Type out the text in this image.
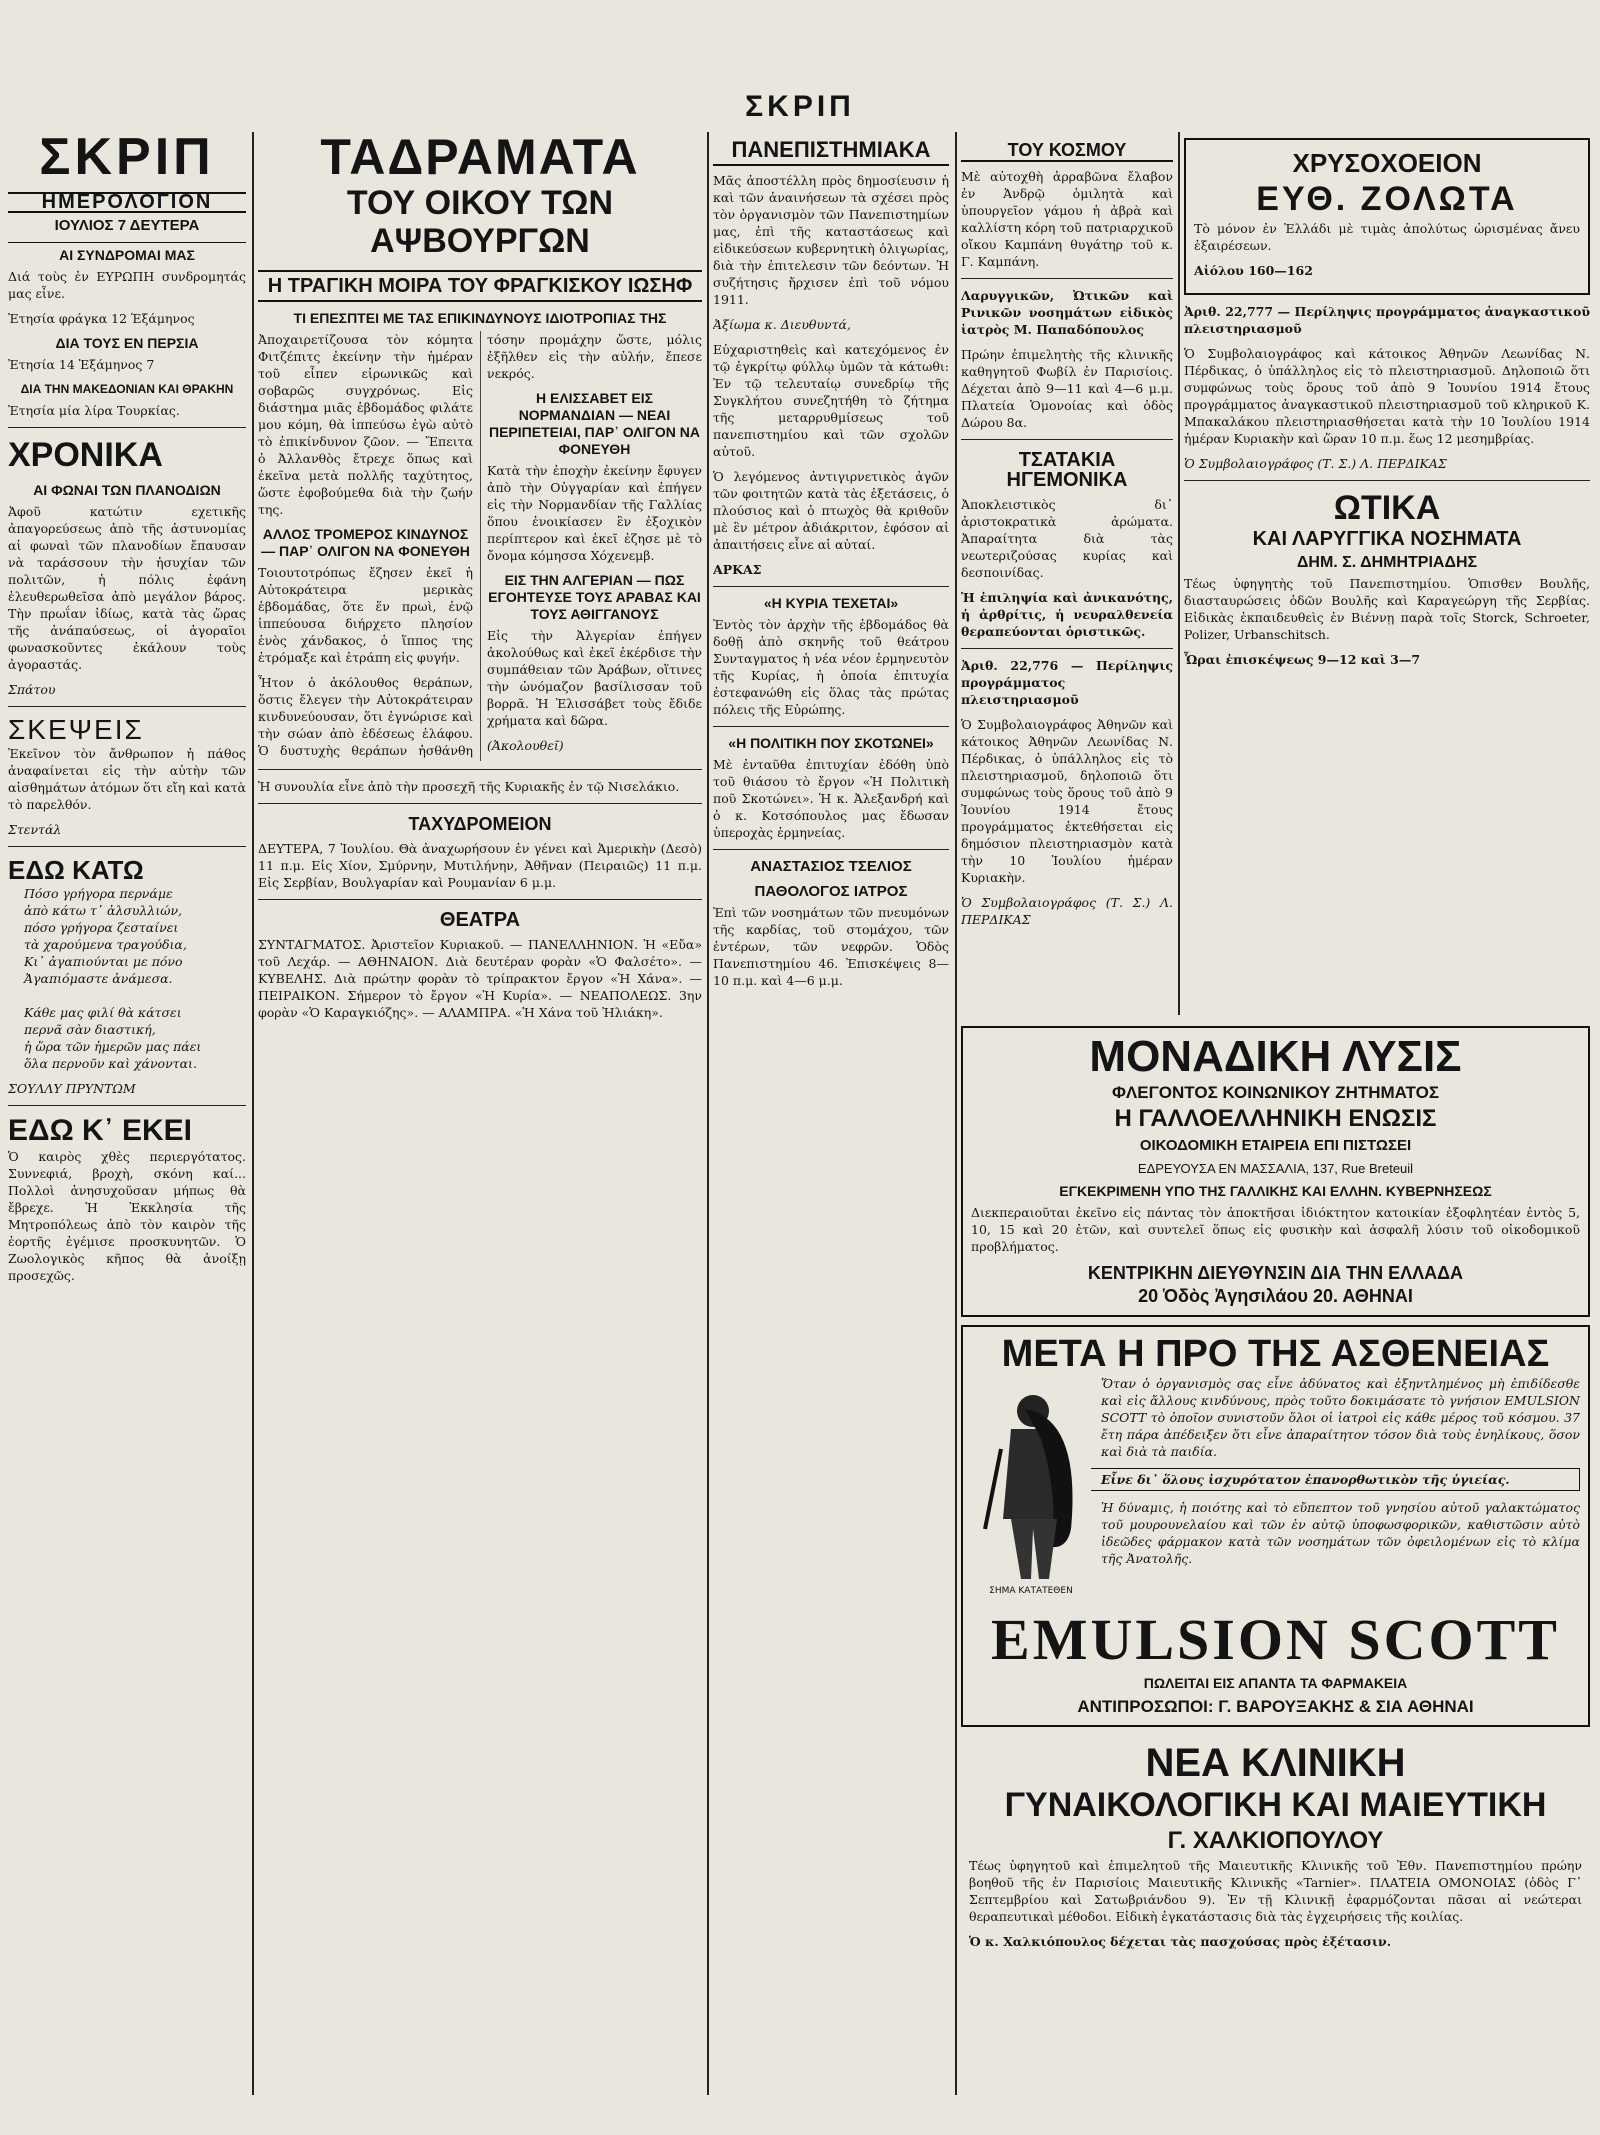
ΣΚΡΙΠ
ΣΚΡΙΠ
ΗΜΕΡΟΛΟΓΙΟΝ
ΙΟΥΛΙΟΣ 7 ΔΕΥΤΕΡΑ
ΑΙ ΣΥΝΔΡΟΜΑΙ ΜΑΣ

Διά τοὺς ἐν ΕΥΡΩΠΗ συνδρομητάς μας εἶνε.

Ἐτησία φράγκα 12 Ἑξάμηνος

ΔΙΑ ΤΟΥΣ ΕΝ ΠΕΡΣΙΑ

Ἐτησία 14 Ἑξάμηνος 7

ΔΙΑ ΤΗΝ ΜΑΚΕΔΟΝΙΑΝ ΚΑΙ ΘΡΑΚΗΝ

Ἐτησία μία λίρα Τουρκίας.

ΧΡΟΝΙΚΑ
ΑΙ ΦΩΝΑΙ ΤΩΝ ΠΛΑΝΟΔΙΩΝ

Ἀφοῦ κατώτιν εχετικῆς ἀπαγορεύσεως ἀπὸ τῆς ἀστυνομίας αἱ φωναὶ τῶν πλανοδίων ἔπαυσαν νὰ ταράσσουν τὴν ἡσυχίαν τῶν πολιτῶν, ἡ πόλις ἐφάνη ἐλευθερωθεῖσα ἀπὸ μεγάλον βάρος. Τὴν πρωΐαν ἰδίως, κατὰ τὰς ὥρας τῆς ἀνάπαύσεως, οἱ ἀγοραῖοι φωνασκοῦντες ἐκάλουν τοὺς ἀγοραστάς.

Σπάτου

ΣΚΕΨΕΙΣ

Ἐκεῖνον τὸν ἄνθρωπον ἡ πάθος ἀναφαίνεται εἰς τὴν αὐτὴν τῶν αἰσθημάτων ἀτόμων ὅτι εἴη καὶ κατὰ τὸ παρελθόν.

Στεντάλ

ΕΔΩ ΚΑΤΩ
Πόσο γρήγορα περνάμε
ἀπὸ κάτω τ᾽ ἀλσυλλιών,
πόσο γρήγορα ζεσταίνει
τὰ χαρούμενα τραγούδια,
Κι᾽ ἀγαπιούνται με πόνο
Ἀγαπιόμαστε ἀνάμεσα.

Κάθε μας φιλί θὰ κάτσει
περνᾶ σὰν διαστική,
ἡ ὥρα τῶν ἠμερῶν μας πάει
ὅλα περνοῦν καὶ χάνονται.

ΣΟΥΛΛΥ ΠΡΥΝΤΩΜ

ΕΔΩ Κ᾽ ΕΚΕΙ

Ὁ καιρὸς χθὲς περιεργότατος. Συννεφιά, βροχὴ, σκόνη καί... Πολλοὶ ἀνησυχοῦσαν μήπως θὰ ἔβρεχε. Ἡ Ἐκκλησία τῆς Μητροπόλεως ἀπὸ τὸν καιρὸν τῆς ἐορτῆς ἐγέμισε προσκυνητῶν. Ὁ Ζωολογικὸς κῆπος θὰ ἀνοίξῃ προσεχῶς.

ΤΑΔΡΑΜΑΤΑ
ΤΟΥ ΟΙΚΟΥ ΤΩΝ ΑΨΒΟΥΡΓΩΝ
Η ΤΡΑΓΙΚΗ ΜΟΙΡΑ ΤΟΥ ΦΡΑΓΚΙΣΚΟΥ ΙΩΣΗΦ
ΤΙ ΕΠΕΣΠΤΕΙ ΜΕ ΤΑΣ ΕΠΙΚΙΝΔΥΝΟΥΣ ΙΔΙΟΤΡΟΠΙΑΣ ΤΗΣ

Ἀποχαιρετίζουσα τὸν κόμητα Φιτζέπιτς ἐκείνην τὴν ἡμέραν τοῦ εἶπεν εἰρωνικῶς καὶ σοβαρῶς συγχρόνως. Εἰς διάστημα μιᾶς ἑβδομάδος φιλάτε μου κόμη, θὰ ἱππεύσω ἐγὼ αὐτὸ τὸ ἐπικίνδυνον ζῶον. — Ἔπειτα ὁ Ἀλλανθὸς ἔτρεχε ὅπως καὶ ἐκεῖνα μετὰ πολλῆς ταχύτητος, ὥστε ἐφοβούμεθα διὰ τὴν ζωήν της.

ΑΛΛΟΣ ΤΡΟΜΕΡΟΣ ΚΙΝΔΥΝΟΣ — ΠΑΡ᾽ ΟΛΙΓΟΝ ΝΑ ΦΟΝΕΥΘΗ

Τοιουτοτρόπως ἔζησεν ἐκεῖ ἡ Αὐτοκράτειρα μερικὰς ἑβδομάδας, ὅτε ἕν πρωὶ, ἐνῷ ἱππεύουσα διήρχετο πλησίον ἑνὸς χάνδακος, ὁ ἵππος της ἐτρόμαξε καὶ ἐτράπη εἰς φυγήν.

Ἦτον ὁ ἀκόλουθος θεράπων, ὅστις ἔλεγεν τὴν Αὐτοκράτειραν κινδυνεύουσαν, ὅτι ἐγνώρισε καὶ τὴν σώαν ἀπὸ ἐδέσεως ἐλάφου. Ὁ δυστυχὴς θεράπων ἠσθάνθη τόσην προμάχην ὥστε, μόλις ἐξῆλθεν εἰς τὴν αὐλήν, ἔπεσε νεκρός.

Η ΕΛΙΣΣΑΒΕΤ ΕΙΣ ΝΟΡΜΑΝΔΙΑΝ — ΝΕΑΙ ΠΕΡΙΠΕΤΕΙΑΙ, ΠΑΡ᾽ ΟΛΙΓΟΝ ΝΑ ΦΟΝΕΥΘΗ

Κατὰ τὴν ἐποχὴν ἐκείνην ἔφυγεν ἀπὸ τὴν Οὐγγαρίαν καὶ ἐπήγεν εἰς τὴν Νορμανδίαν τῆς Γαλλίας ὅπου ἐνοικίασεν ἓν ἐξοχικὸν περίπτερον καὶ ἐκεῖ ἐζησε μὲ τὸ ὄνομα κόμησσα Χόχενεμβ.

ΕΙΣ ΤΗΝ ΑΛΓΕΡΙΑΝ — ΠΩΣ ΕΓΟΗΤΕΥΣΕ ΤΟΥΣ ΑΡΑΒΑΣ ΚΑΙ ΤΟΥΣ ΑΘΙΓΓΑΝΟΥΣ

Εἰς τὴν Ἀλγερίαν ἐπήγεν ἀκολούθως καὶ ἐκεῖ ἐκέρδισε τὴν συμπάθειαν τῶν Ἀράβων, οἵτινες τὴν ὠνόμαζον βασίλισσαν τοῦ βορρᾶ. Ἡ Ἐλισσάβετ τοὺς ἔδιδε χρήματα καὶ δῶρα.

(Ἀκολουθεῖ)

Ἡ συνουλία εἶνε ἀπὸ τὴν προσεχῆ τῆς Κυριακῆς ἐν τῷ Νισελάκιο.

ΤΑΧΥΔΡΟΜΕΙΟΝ

ΔΕΥΤΕΡΑ, 7 Ἰουλίου. Θὰ ἀναχωρήσουν ἐν γένει καὶ Ἀμερικὴν (Δεσὸ) 11 π.μ. Εἰς Χίον, Σμύρνην, Μυτιλήνην, Ἀθῆναν (Πειραιῶς) 11 π.μ. Εἰς Σερβίαν, Βουλγαρίαν καὶ Ρουμανίαν 6 μ.μ.

ΘΕΑΤΡΑ

ΣΥΝΤΑΓΜΑΤΟΣ. Ἀριστεῖον Κυριακοῦ. — ΠΑΝΕΛΛΗΝΙΟΝ. Ἡ «Εὔα» τοῦ Λεχάρ. — ΑΘΗΝΑΙΟΝ. Διὰ δευτέραν φορὰν «Ὁ Φαλσέτο». — ΚΥΒΕΛΗΣ. Διὰ πρώτην φορὰν τὸ τρίπρακτον ἔργον «Ἡ Χάνα». — ΠΕΙΡΑΙΚΟΝ. Σήμερον τὸ ἔργον «Ἡ Κυρία». — ΝΕΑΠΟΛΕΩΣ. 3ην φορὰν «Ὁ Καραγκιόζης». — ΑΛΑΜΠΡΑ. «Ἡ Χάνα τοῦ Ἠλιάκη».

ΠΑΝΕΠΙΣΤΗΜΙΑΚΑ

Μᾶς ἀποστέλλη πρὸς δημοσίευσιν ἡ καὶ τῶν ἀναινήσεων τὰ σχέσει πρὸς τὸν ὀργανισμὸν τῶν Πανεπιστημίων μας, ἐπὶ τῆς καταστάσεως καὶ εἰδικεύσεων κυβερνητικὴ ὀλιγωρίας, διὰ τὴν ἐπιτελεσιν τῶν δεόντων. Ἡ συζήτησις ἤρχισεν ἐπὶ τοῦ νόμου 1911.

Ἀξίωμα κ. Διευθυντά,

Εὐχαριστηθεὶς καὶ κατεχόμενος ἐν τῷ ἐγκρίτῳ φύλλῳ ὑμῶν τὰ κάτωθι: Ἐν τῷ τελευταίῳ συνεδρίῳ τῆς Συγκλήτου συνεζητήθη τὸ ζήτημα τῆς μεταρρυθμίσεως τοῦ πανεπιστημίου καὶ τῶν σχολῶν αὐτοῦ.

Ὁ λεγόμενος ἀντιγιρνετικὸς ἀγῶν τῶν φοιτητῶν κατὰ τὰς ἐξετάσεις, ὁ πλούσιος καὶ ὁ πτωχὸς θὰ κριθοῦν μὲ ἓν μέτρον ἀδιάκριτον, ἐφόσον αἱ ἀπαιτήσεις εἶνε αἱ αὐταί.

ΑΡΚΑΣ

«Η ΚΥΡΙΑ ΤΕΧΕΤΑΙ»

Ἐντὸς τὸν ἀρχὴν τῆς ἑβδομάδος θὰ δοθῇ ἀπὸ σκηνῆς τοῦ θεάτρου Συνταγματος ἡ νέα νέον ἑρμηνευτὸν τῆς Κυρίας, ἡ ὁποία ἐπιτυχία ἐστεφανώθη εἰς ὅλας τὰς πρώτας πόλεις τῆς Εὐρώπης.

«Η ΠΟΛΙΤΙΚΗ ΠΟΥ ΣΚΟΤΩΝΕΙ»

Μὲ ἐνταῦθα ἐπιτυχίαν ἐδόθη ὑπὸ τοῦ θιάσου τὸ ἔργον «Ἡ Πολιτικὴ ποῦ Σκοτώνει». Ἡ κ. Ἀλεξανδρή καὶ ὁ κ. Κοτσόπουλος μας ἔδωσαν ὑπεροχὰς ἑρμηνείας.

ΑΝΑΣΤΑΣΙΟΣ ΤΣΕΛΙΟΣ
ΠΑΘΟΛΟΓΟΣ ΙΑΤΡΟΣ

Ἐπὶ τῶν νοσημάτων τῶν πνευμόνων τῆς καρδίας, τοῦ στομάχου, τῶν ἐντέρων, τῶν νεφρῶν. Ὁδὸς Πανεπιστημίου 46. Ἐπισκέψεις 8—10 π.μ. καὶ 4—6 μ.μ.

ΤΟΥ ΚΟΣΜΟΥ

Μὲ αὐτοχθὴ ἀρραβῶνα ἔλαβον ἐν Ἀνδρῷ ὁμιλητὰ καὶ ὑπουργεῖον γάμου ἡ ἀβρὰ καὶ καλλίστη κόρη τοῦ πατριαρχικοῦ οἴκου Καμπάνη θυγάτηρ τοῦ κ. Γ. Καμπάνη.

Λαρυγγικῶν, Ὠτικῶν καὶ Ρινικῶν νοσημάτων εἰδικὸς ἰατρὸς Μ. Παπαδόπουλος

Πρώην ἐπιμελητὴς τῆς κλινικῆς καθηγητοῦ Φωβίλ ἐν Παρισίοις. Δέχεται ἀπὸ 9—11 καὶ 4—6 μ.μ. Πλατεία Ὁμονοίας καὶ ὁδὸς Δώρου 8α.

ΤΣΑΤΑΚΙΑ ΗΓΕΜΟΝΙΚΑ

Ἀποκλειστικὸς δι᾽ ἀριστοκρατικὰ ἀρώματα. Ἀπαραίτητα διὰ τὰς νεωτεριζούσας κυρίας καὶ δεσποινίδας.

Ἡ ἐπιληψία καὶ ἀνικανότης, ἡ ἀρθρίτις, ἡ νευραλθενεία θεραπεύονται ὁριστικῶς.

Ἀριθ. 22,776 — Περίληψις προγράμματος πλειστηριασμοῦ

Ὁ Συμβολαιογράφος Ἀθηνῶν καὶ κάτοικος Ἀθηνῶν Λεωνίδας Ν. Πέρδικας, ὁ ὑπάλληλος εἰς τὸ πλειστηριασμοῦ, δηλοποιῶ ὅτι συμφώνως τοὺς ὅρους τοῦ ἀπὸ 9 Ἰουνίου 1914 ἔτους προγράμματος ἐκτεθήσεται εἰς δημόσιον πλειστηριασμὸν κατὰ τὴν 10 Ἰουλίου ἡμέραν Κυριακὴν.

Ὁ Συμβολαιογράφος (Τ. Σ.) Λ. ΠΕΡΔΙΚΑΣ

ΧΡΥΣΟΧΟΕΙΟΝ
ΕΥΘ. ΖΟΛΩΤΑ

Τὸ μόνον ἐν Ἑλλάδι μὲ τιμὰς ἀπολύτως ὡρισμένας ἄνευ ἐξαιρέσεων.

Αἰόλου 160—162

Ἀριθ. 22,777 — Περίληψις προγράμματος ἀναγκαστικοῦ πλειστηριασμοῦ

Ὁ Συμβολαιογράφος καὶ κάτοικος Ἀθηνῶν Λεωνίδας Ν. Πέρδικας, ὁ ὑπάλληλος εἰς τὸ πλειστηριασμοῦ. Δηλοποιῶ ὅτι συμφώνως τοὺς ὅρους τοῦ ἀπὸ 9 Ἰουνίου 1914 ἔτους προγράμματος ἀναγκαστικοῦ πλειστηριασμοῦ τοῦ κληρικοῦ Κ. Μπακαλάκου πλειστηριασθήσεται κατὰ τὴν 10 Ἰουλίου 1914 ἡμέραν Κυριακὴν καὶ ὥραν 10 π.μ. ἕως 12 μεσημβρίας.

Ὁ Συμβολαιογράφος (Τ. Σ.) Λ. ΠΕΡΔΙΚΑΣ

ΩΤΙΚΑ
ΚΑΙ ΛΑΡΥΓΓΙΚΑ ΝΟΣΗΜΑΤΑ
ΔΗΜ. Σ. ΔΗΜΗΤΡΙΑΔΗΣ

Τέως ὑφηγητὴς τοῦ Πανεπιστημίου. Ὁπισθεν Βουλῆς, διασταυρώσεις ὁδῶν Βουλῆς καὶ Καραγεώργη τῆς Σερβίας. Εἰδικὰς ἐκπαιδευθεὶς ἐν Βιέννῃ παρὰ τοῖς Storck, Schroeter, Polizer, Urbanschitsch.

Ὧραι ἐπισκέψεως 9—12 καὶ 3—7

ΜΟΝΑΔΙΚΗ ΛΥΣΙΣ
ΦΛΕΓΟΝΤΟΣ ΚΟΙΝΩΝΙΚΟΥ ΖΗΤΗΜΑΤΟΣ
Η ΓΑΛΛΟΕΛΛΗΝΙΚΗ ΕΝΩΣΙΣ
ΟΙΚΟΔΟΜΙΚΗ ΕΤΑΙΡΕΙΑ ΕΠΙ ΠΙΣΤΩΣΕΙ
ΕΔΡΕΥΟΥΣΑ ΕΝ ΜΑΣΣΑΛΙΑ, 137, Rue Breteuil
ΕΓΚΕΚΡΙΜΕΝΗ ΥΠΟ ΤΗΣ ΓΑΛΛΙΚΗΣ ΚΑΙ ΕΛΛΗΝ. ΚΥΒΕΡΝΗΣΕΩΣ

Διεκπεραιοῦται ἐκεῖνο εἰς πάντας τὸν ἀποκτῆσαι ἰδιόκτητον κατοικίαν ἐξοφλητέαν ἐντὸς 5, 10, 15 καὶ 20 ἐτῶν, καὶ συντελεῖ ὅπως εἰς φυσικὴν καὶ ἀσφαλῆ λύσιν τοῦ οἰκοδομικοῦ προβλήματος.

ΚΕΝΤΡΙΚΗΝ ΔΙΕΥΘΥΝΣΙΝ ΔΙΑ ΤΗΝ ΕΛΛΑΔΑ
20 Ὁδὸς Ἀγησιλάου 20. ΑΘΗΝΑΙ
ΜΕΤΑ Η ΠΡΟ ΤΗΣ ΑΣΘΕΝΕΙΑΣ
ΣΗΜΑ ΚΑΤΑΤΕΘΕΝ

Ὅταν ὁ ὀργανισμὸς σας εἶνε ἀδύνατος καὶ ἐξηντλημένος μὴ ἐπιδίδεσθε καὶ εἰς ἄλλους κινδύνους, πρὸς τοῦτο δοκιμάσατε τὸ γνήσιον EMULSION SCOTT τὸ ὁποῖον συνιστοῦν ὅλοι οἱ ἰατροὶ εἰς κάθε μέρος τοῦ κόσμου. 37 ἔτη πάρα ἀπέδειξεν ὅτι εἶνε ἀπαραίτητον τόσον διὰ τοὺς ἐνηλίκους, ὅσον καὶ διὰ τὰ παιδία.

Εἶνε δι᾽ ὅλους ἰσχυρότατον ἐπανορθωτικὸν τῆς ὑγιείας.

Ἡ δύναμις, ἡ ποιότης καὶ τὸ εὔπεπτον τοῦ γνησίου αὐτοῦ γαλακτώματος τοῦ μουρουνελαίου καὶ τῶν ἐν αὐτῷ ὑποφωσφορικῶν, καθιστῶσιν αὐτὸ ἰδεῶδες φάρμακον κατὰ τῶν νοσημάτων τῶν ὀφειλομένων εἰς τὸ κλίμα τῆς Ἀνατολῆς.

EMULSION SCOTT
ΠΩΛΕΙΤΑΙ ΕΙΣ ΑΠΑΝΤΑ ΤΑ ΦΑΡΜΑΚΕΙΑ
ΑΝΤΙΠΡΟΣΩΠΟΙ: Γ. ΒΑΡΟΥΞΑΚΗΣ & ΣΙΑ ΑΘΗΝΑΙ
ΝΕΑ ΚΛΙΝΙΚΗ
ΓΥΝΑΙΚΟΛΟΓΙΚΗ ΚΑΙ ΜΑΙΕΥΤΙΚΗ
Γ. ΧΑΛΚΙΟΠΟΥΛΟΥ

Τέως ὑφηγητοῦ καὶ ἐπιμελητοῦ τῆς Μαιευτικῆς Κλινικῆς τοῦ Ἐθν. Πανεπιστημίου πρώην βοηθοῦ τῆς ἐν Παρισίοις Μαιευτικῆς Κλινικῆς «Tarnier». ΠΛΑΤΕΙΑ ΟΜΟΝΟΙΑΣ (ὁδὸς Γ᾽ Σεπτεμβρίου καὶ Σατωβριάνδου 9). Ἐν τῇ Κλινικῇ ἐφαρμόζονται πᾶσαι αἱ νεώτεραι θεραπευτικαὶ μέθοδοι. Εἰδικὴ ἐγκατάστασις διὰ τὰς ἐγχειρήσεις τῆς κοιλίας.

Ὁ κ. Χαλκιόπουλος δέχεται τὰς πασχούσας πρὸς ἐξέτασιν.
